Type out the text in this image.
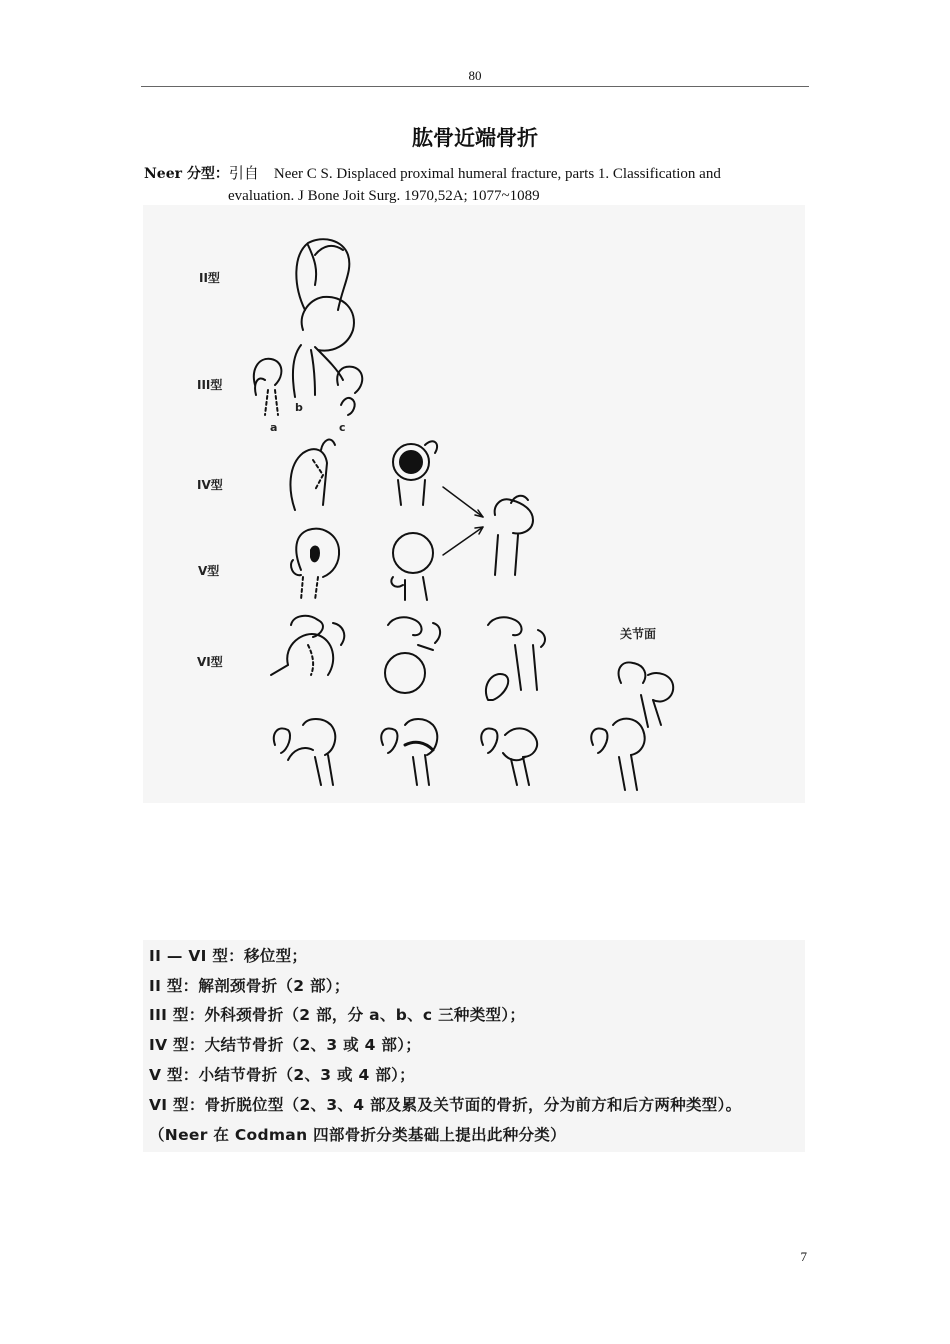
80
肱骨近端骨折
Neer 分型：引自　Neer C S. Displaced proximal humeral fracture, parts 1. Classification and
evaluation. J Bone Joit Surg. 1970,52A; 1077~1089
II型
III型
IV型
V型
VI型
a
b
c
关节面
II — VI 型：移位型；
II 型：解剖颈骨折（2 部）；
III 型：外科颈骨折（2 部，分 a、b、c 三种类型）；
IV 型：大结节骨折（2、3 或 4 部）；
V 型：小结节骨折（2、3 或 4 部）；
VI 型：骨折脱位型（2、3、4 部及累及关节面的骨折，分为前方和后方两种类型）。
（Neer 在 Codman 四部骨折分类基础上提出此种分类）
7
